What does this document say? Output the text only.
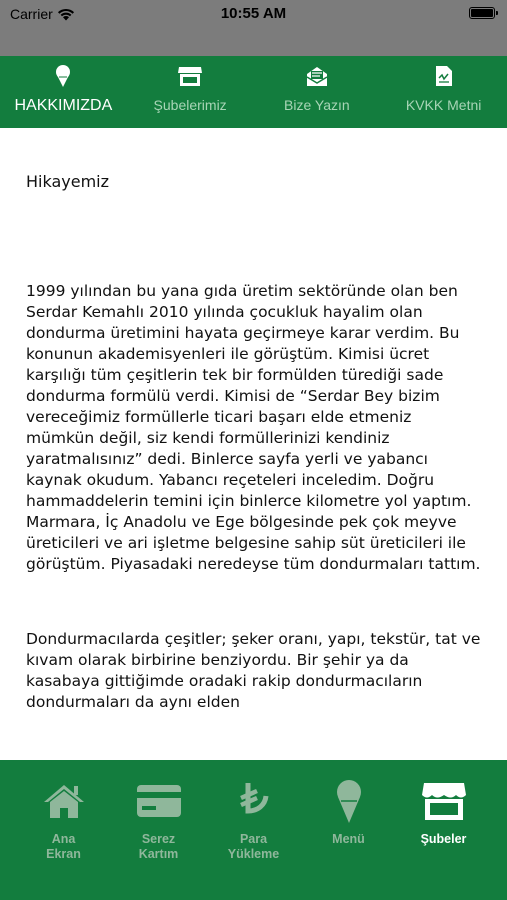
Carrier	10:55 AM
HAKKIMIZDA	Şubelerimiz	Bize Yazın	KVKK Metni
Hikayemiz

1999 yılından bu yana gıda üretim sektöründe olan ben Serdar Kemahlı 2010 yılında çocukluk hayalim olan dondurma üretimini hayata geçirmeye karar verdim. Bu konunun akademisyenleri ile görüştüm. Kimisi ücret karşılığı tüm çeşitlerin tek bir formülden türediği sade dondurma formülü verdi. Kimisi de “Serdar Bey bizim vereceğimiz formüllerle ticari başarı elde etmeniz mümkün değil, siz kendi formüllerinizi kendiniz yaratmalısınız” dedi. Binlerce sayfa yerli ve yabancı kaynak okudum. Yabancı reçeteleri inceledim. Doğru hammaddelerin temini için binlerce kilometre yol yaptım. Marmara, İç Anadolu ve Ege bölgesinde pek çok meyve üreticileri ve ari işletme belgesine sahip süt üreticileri ile görüştüm. Piyasadaki neredeyse tüm dondurmaları tattım.

Dondurmacılarda çeşitler; şeker oranı, yapı, tekstür, tat ve kıvam olarak birbirine benziyordu. Bir şehir ya da kasabaya gittiğimde oradaki rakip dondurmacıların dondurmaları da aynı elden

Ana
Ekran
Serez
Kartım
Para
Yükleme
Menü	Şubeler
